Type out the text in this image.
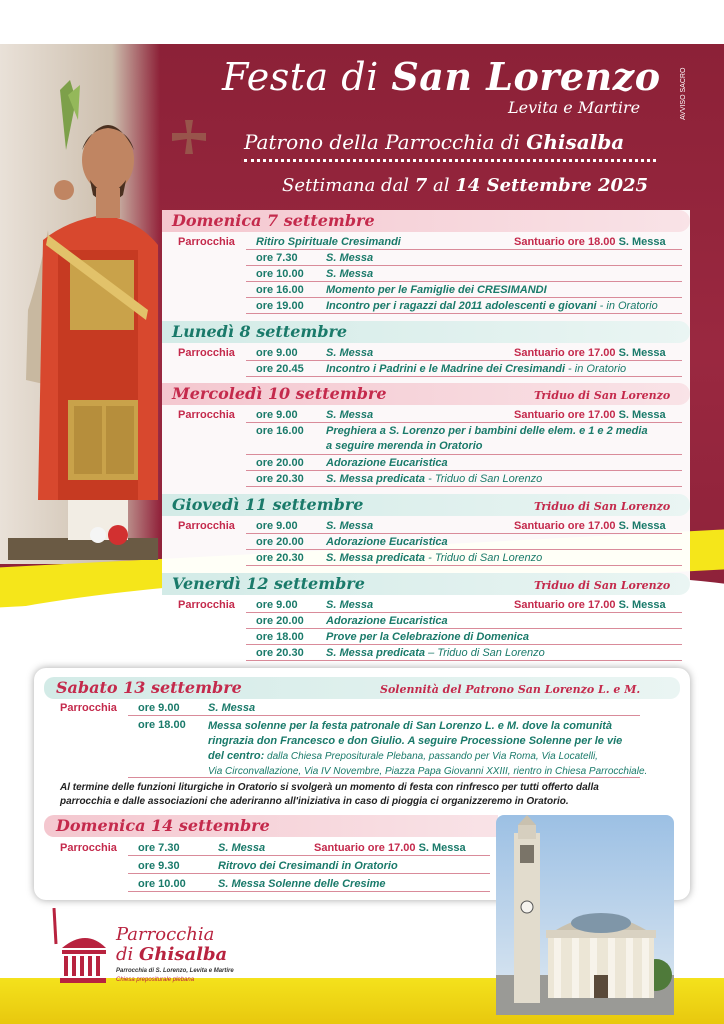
Festa di San Lorenzo
Levita e Martire
Patrono della Parrocchia di Ghisalba
Settimana dal 7 al 14 Settembre 2025
AVVISO SACRO
Domenica 7 settembre
Parrocchia Ritiro Spirituale Cresimandi	Santuario ore 18.00 S. Messa
ore 7.30	S. Messa
ore 10.00 S. Messa
ore 16.00 Momento per le Famiglie dei CRESIMANDI
ore 19.00 Incontro per i ragazzi dal 2011 adolescenti e giovani - in Oratorio
Lunedì 8 settembre
Parrocchia ore 9.00	S. Messa	Santuario ore 17.00 S. Messa
ore 20.45 Incontro i Padrini e le Madrine dei Cresimandi - in Oratorio
Mercoledì 10 settembre	Triduo di San Lorenzo
Parrocchia ore 9.00	S. Messa	Santuario ore 17.00 S. Messa
ore 16.00 Preghiera a S. Lorenzo per i bambini delle elem. e 1 e 2 media
a seguire merenda in Oratorio
ore 20.00 Adorazione Eucaristica
ore 20.30 S. Messa predicata - Triduo di San Lorenzo
Giovedì 11 settembre	Triduo di San Lorenzo
Parrocchia ore 9.00	S. Messa	Santuario ore 17.00 S. Messa
ore 20.00 Adorazione Eucaristica
ore 20.30 S. Messa predicata - Triduo di San Lorenzo
Venerdì 12 settembre	Triduo di San Lorenzo
Parrocchia ore 9.00	S. Messa	Santuario ore 17.00 S. Messa
ore 20.00 Adorazione Eucaristica
ore 18.00 Prove per la Celebrazione di Domenica
ore 20.30 S. Messa predicata – Triduo di San Lorenzo
Sabato 13 settembre	Solennità del Patrono San Lorenzo L. e M.
Parrocchia ore 9.00	S. Messa
ore 18.00 Messa solenne per la festa patronale di San Lorenzo L. e M. dove la comunità
ringrazia don Francesco e don Giulio. A seguire Processione Solenne per le vie
del centro: dalla Chiesa Prepositurale Plebana, passando per Via Roma, Via Locatelli,
Via Circonvallazione, Via IV Novembre, Piazza Papa Giovanni XXIII, rientro in Chiesa Parrocchiale.
Al termine delle funzioni liturgiche in Oratorio si svolgerà un momento di festa con rinfresco per tutti offerto dalla
parrocchia e dalle associazioni che aderiranno all'iniziativa in caso di pioggia ci organizzeremo in Oratorio.
Domenica 14 settembre
Parrocchia ore 7.30	S. Messa	Santuario ore 17.00 S. Messa
ore 9.30	Ritrovo dei Cresimandi in Oratorio
ore 10.00	S. Messa Solenne delle Cresime
Parrocchia
di Ghisalba
Parrocchia di S. Lorenzo, Levita e Martire
Chiesa prepositurale plebana
